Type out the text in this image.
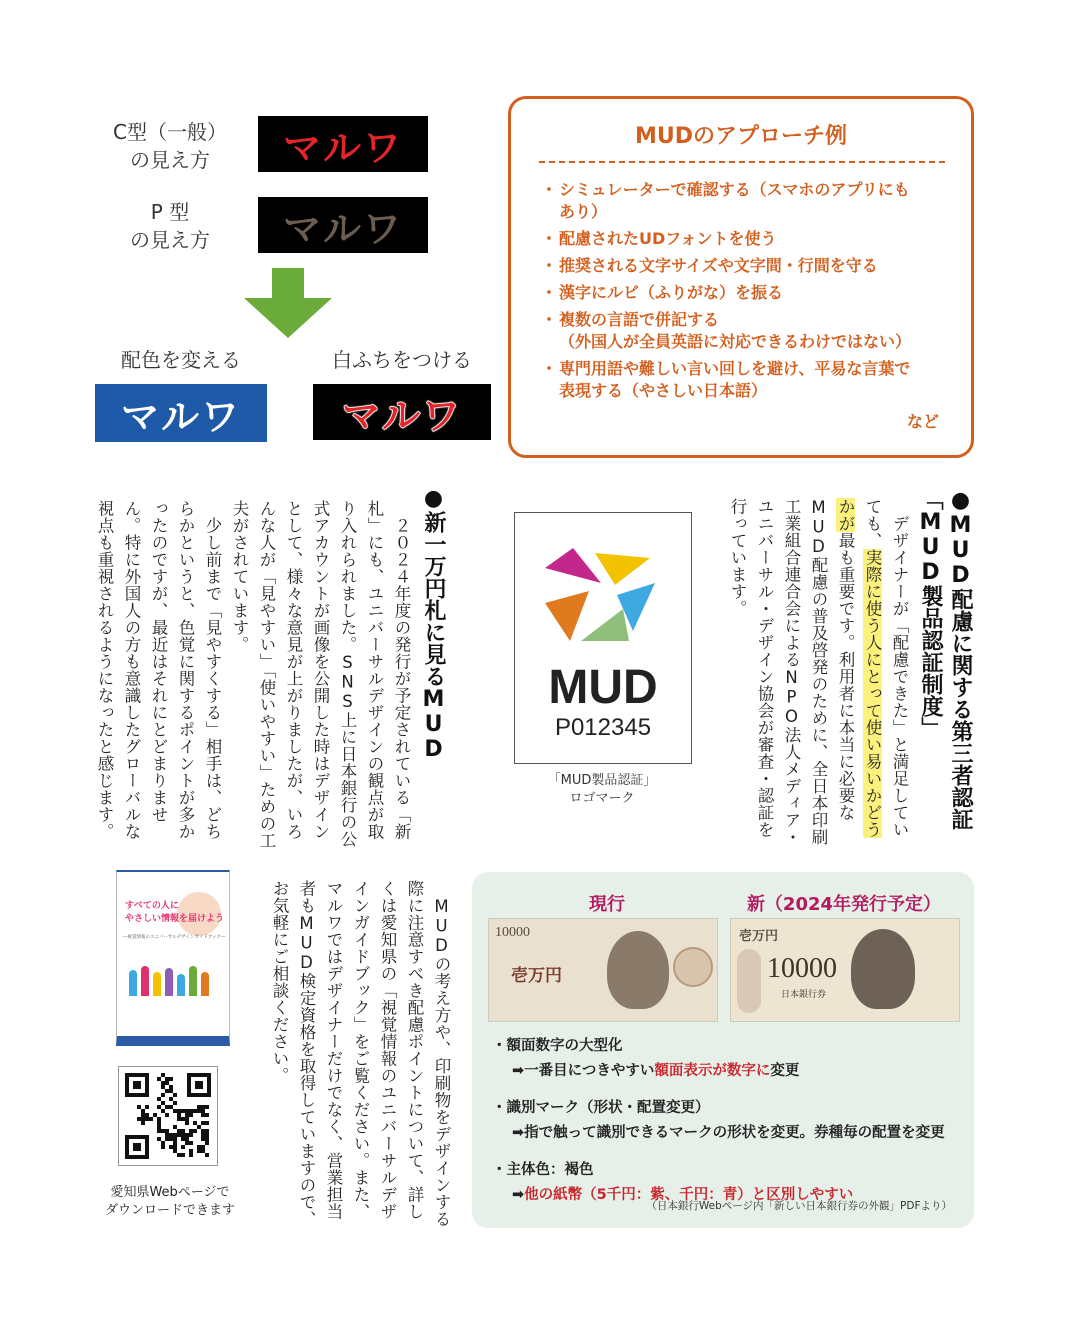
C型（一般）
の見え方	マルワ
P 型
の見え方	マルワ
配色を変える	白ふちをつける
マルワ	マルワ
MUDのアプローチ例
・ シミュレーターで確認する（スマホのアプリにも
あり）
・ 配慮されたUDフォントを使う
・ 推奨される文字サイズや文字間・行間を守る
・ 漢字にルビ（ふりがな）を振る
・ 複数の言語で併記する
（外国人が全員英語に対応できるわけではない）
・ 専門用語や難しい言い回しを避け、平易な言葉で
表現する（やさしい日本語）
など
●MUD配慮に関する第三者認証
「MUD製品認証制度」
　デザイナーが「配慮できた」と満足していても、実際に使う人にとって使い易いかどうかが最も重要です。利用者に本当に必要なMUD配慮の普及啓発のために、全日本印刷工業組合連合会によるNPO法人メディア・ユニバーサル・デザイン協会が審査・認証を行っています。
MUD
P012345
「MUD製品認証」
ロゴマーク
●新一万円札に見るMUD
　２０２４年度の発行が予定されている「新札」にも、ユニバーサルデザインの観点が取り入れられました。SNS上に日本銀行の公式アカウントが画像を公開した時はデザインとして、様々な意見が上がりましたが、いろんな人が「見やすい」「使いやすい」ための工夫がされています。
　少し前まで「見やすくする」相手は、どちらかというと、色覚に関するポイントが多かったのですが、最近はそれにとどまりません。特に外国人の方も意識したグローバルな視点も重視されるようになったと感じます。
　MUDの考え方や、印刷物をデザインする際に注意すべき配慮ポイントについて、詳しくは愛知県の「視覚情報のユニバーサルデザインガイドブック」をご覧ください。また、マルワではデザイナーだけでなく、営業担当者もMUD検定資格を取得していますので、お気軽にご相談ください。
すべての人に
やさしい情報を届けよう
―視覚情報のユニバーサルデザインガイドブック―
愛知県Webページで
ダウンロードできます
現行	新（2024年発行予定）
10000
壱万円
壱万円
10000
日本銀行券
・額面数字の大型化
➡一番目につきやすい額面表示が数字に変更
・識別マーク（形状・配置変更）
➡指で触って識別できるマークの形状を変更。券種毎の配置を変更
・主体色：褐色
➡他の紙幣（5千円：紫、千円：青）と区別しやすい
（日本銀行Webページ内「新しい日本銀行券の外観」PDFより）
